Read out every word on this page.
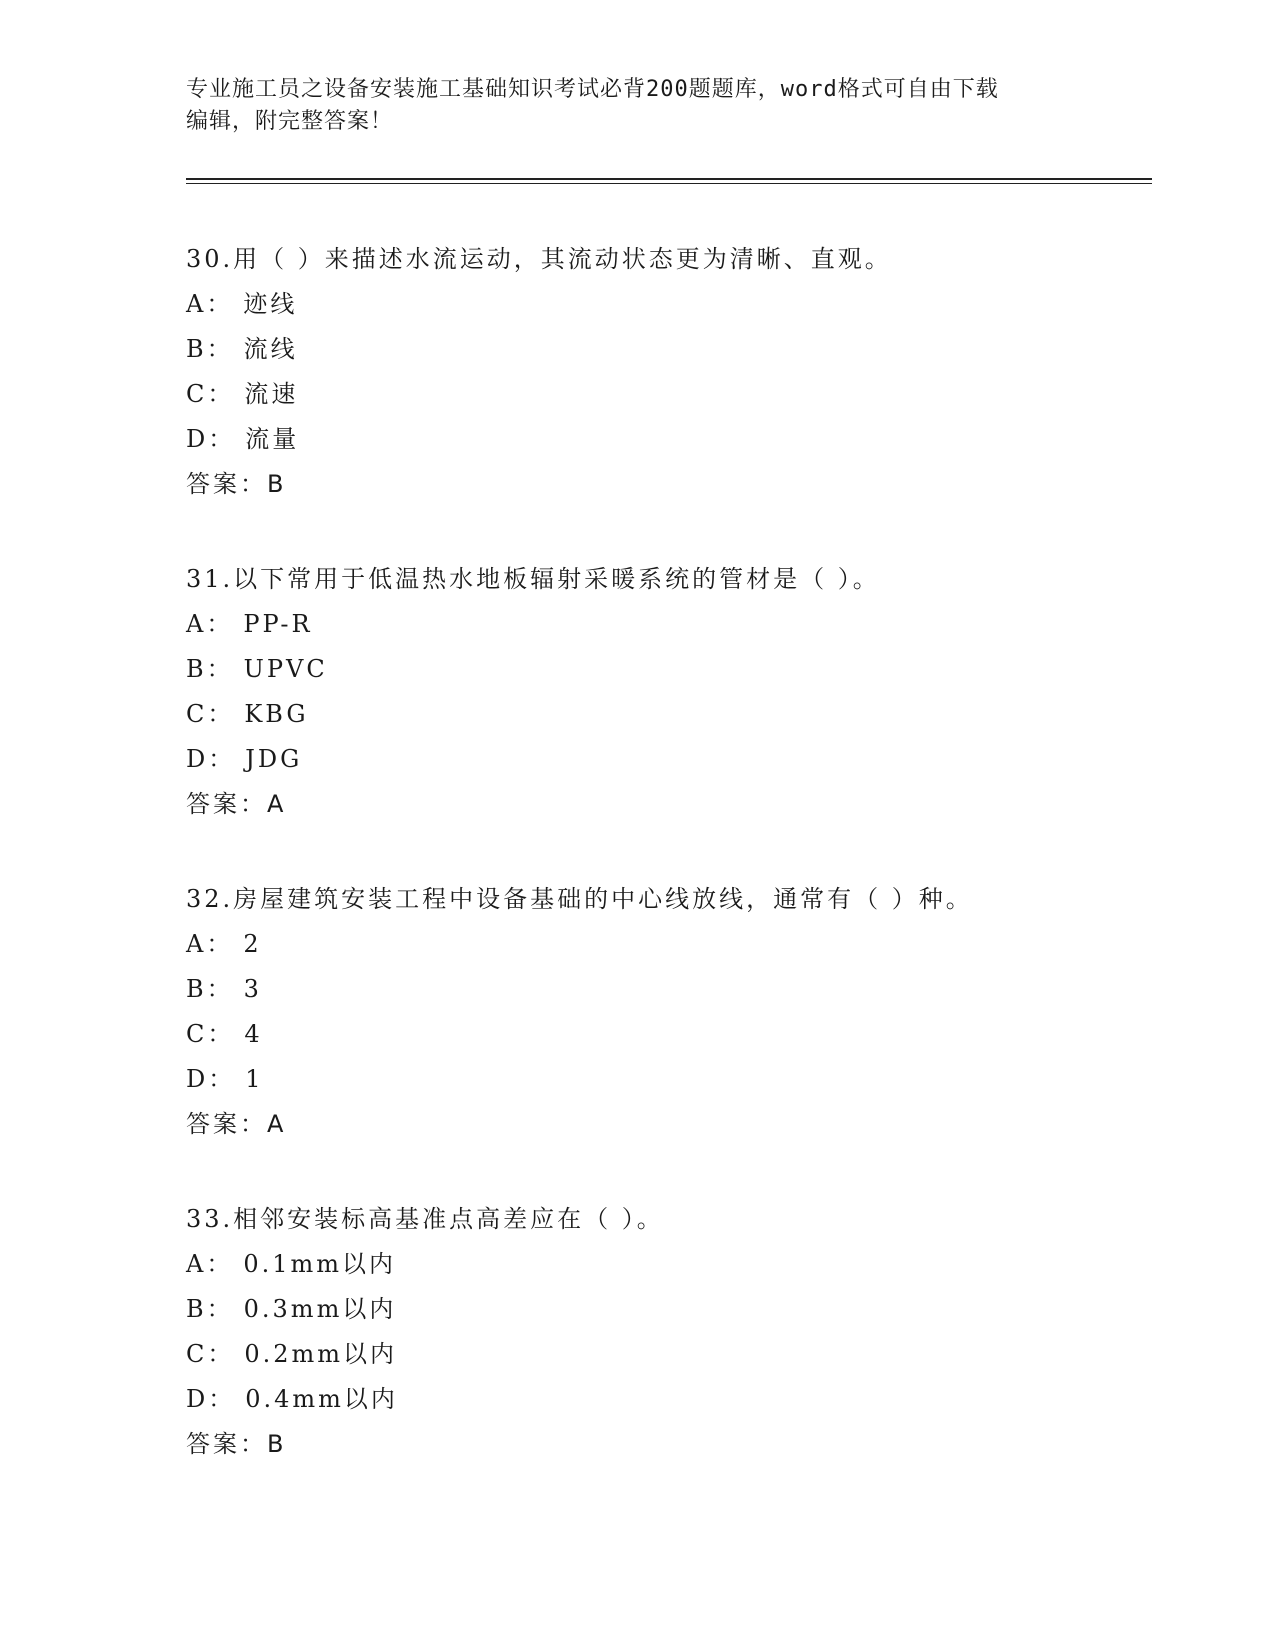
专业施工员之设备安装施工基础知识考试必背200题题库，word格式可自由下载
编辑，附完整答案！
30.用（ ）来描述水流运动，其流动状态更为清晰、直观。
A： 迹线
B： 流线
C： 流速
D： 流量
答案：B
31.以下常用于低温热水地板辐射采暖系统的管材是（ ）。
A： PP-R
B： UPVC
C： KBG
D： JDG
答案：A
32.房屋建筑安装工程中设备基础的中心线放线，通常有（ ）种。
A： 2
B： 3
C： 4
D： 1
答案：A
33.相邻安装标高基准点高差应在（ ）。
A： 0.1mm以内
B： 0.3mm以内
C： 0.2mm以内
D： 0.4mm以内
答案：B
